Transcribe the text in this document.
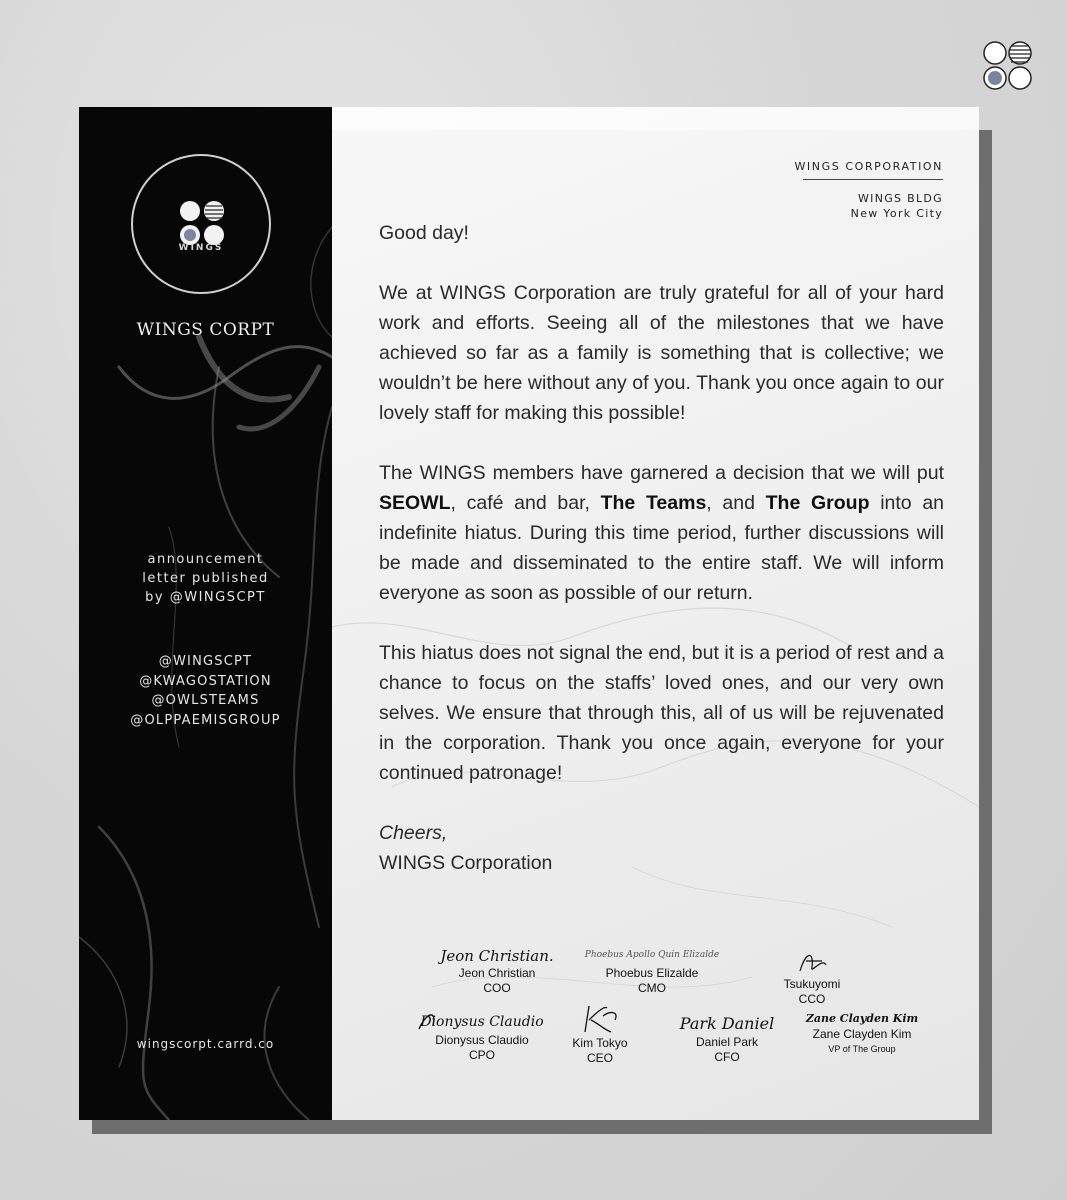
WINGS
WINGS CORPT
announcement
letter published
by @WINGSCPT
@WINGSCPT
@KWAGOSTATION
@OWLSTEAMS
@OLPPAEMISGROUP
wingscorpt.carrd.co
WINGS CORPORATION
WINGS BLDG
New York City

Good day!

We at WINGS Corporation are truly grateful for all of your hard work and efforts. Seeing all of the milestones that we have achieved so far as a family is something that is collective; we wouldn’t be here without any of you. Thank you once again to our lovely staff for making this possible!

The WINGS members have garnered a decision that we will put SEOWL, café and bar, The Teams, and The Group into an indefinite hiatus. During this time period, further discussions will be made and disseminated to the entire staff. We will inform everyone as soon as possible of our return.

This hiatus does not signal the end, but it is a period of rest and a chance to focus on the staffs’ loved ones, and our very own selves. We ensure that through this, all of us will be rejuvenated in the corporation. Thank you once again, everyone for your continued patronage!

Cheers,
WINGS Corporation
Jeon Christian.
Jeon Christian
COO
Phoebus Apollo Quin Elizalde
Phoebus Elizalde
CMO	Tsukuyomi
CCO
Dionysus Claudio
Dionysus Claudio
CPO
Kim Tokyo
CEO
Park Daniel
Daniel Park
CFO
Zane Clayden Kim
Zane Clayden Kim
VP of The Group
